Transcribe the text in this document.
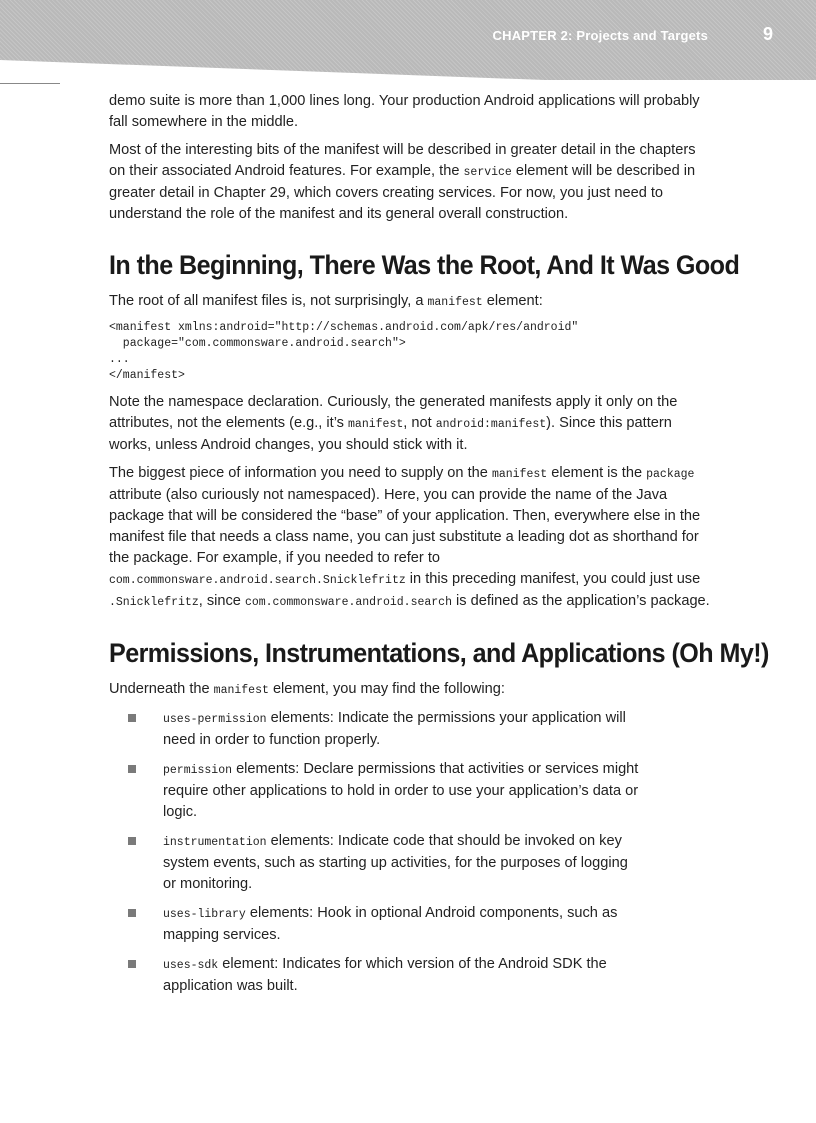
CHAPTER 2: Projects and Targets	9

demo suite is more than 1,000 lines long. Your production Android applications will probably fall somewhere in the middle.

Most of the interesting bits of the manifest will be described in greater detail in the chapters on their associated Android features. For example, the service element will be described in greater detail in Chapter 29, which covers creating services. For now, you just need to understand the role of the manifest and its general overall construction.

In the Beginning, There Was the Root, And It Was Good

The root of all manifest files is, not surprisingly, a manifest element:

<manifest xmlns:android="http://schemas.android.com/apk/res/android"
package="com.commonsware.android.search">
...
</manifest>

Note the namespace declaration. Curiously, the generated manifests apply it only on the attributes, not the elements (e.g., it’s manifest, not android:manifest). Since this pattern works, unless Android changes, you should stick with it.

The biggest piece of information you need to supply on the manifest element is the package attribute (also curiously not namespaced). Here, you can provide the name of the Java package that will be considered the “base” of your application. Then, everywhere else in the manifest file that needs a class name, you can just substitute a leading dot as shorthand for the package. For example, if you needed to refer to com.commonsware.android.search.Snicklefritz in this preceding manifest, you could just use .Snicklefritz, since com.commonsware.android.search is defined as the application’s package.

Permissions, Instrumentations, and Applications (Oh My!)

Underneath the manifest element, you may find the following:

uses-permission elements: Indicate the permissions your application will need in order to function properly.
permission elements: Declare permissions that activities or services might require other applications to hold in order to use your application’s data or logic.
instrumentation elements: Indicate code that should be invoked on key system events, such as starting up activities, for the purposes of logging or monitoring.
uses-library elements: Hook in optional Android components, such as mapping services.
uses-sdk element: Indicates for which version of the Android SDK the application was built.
